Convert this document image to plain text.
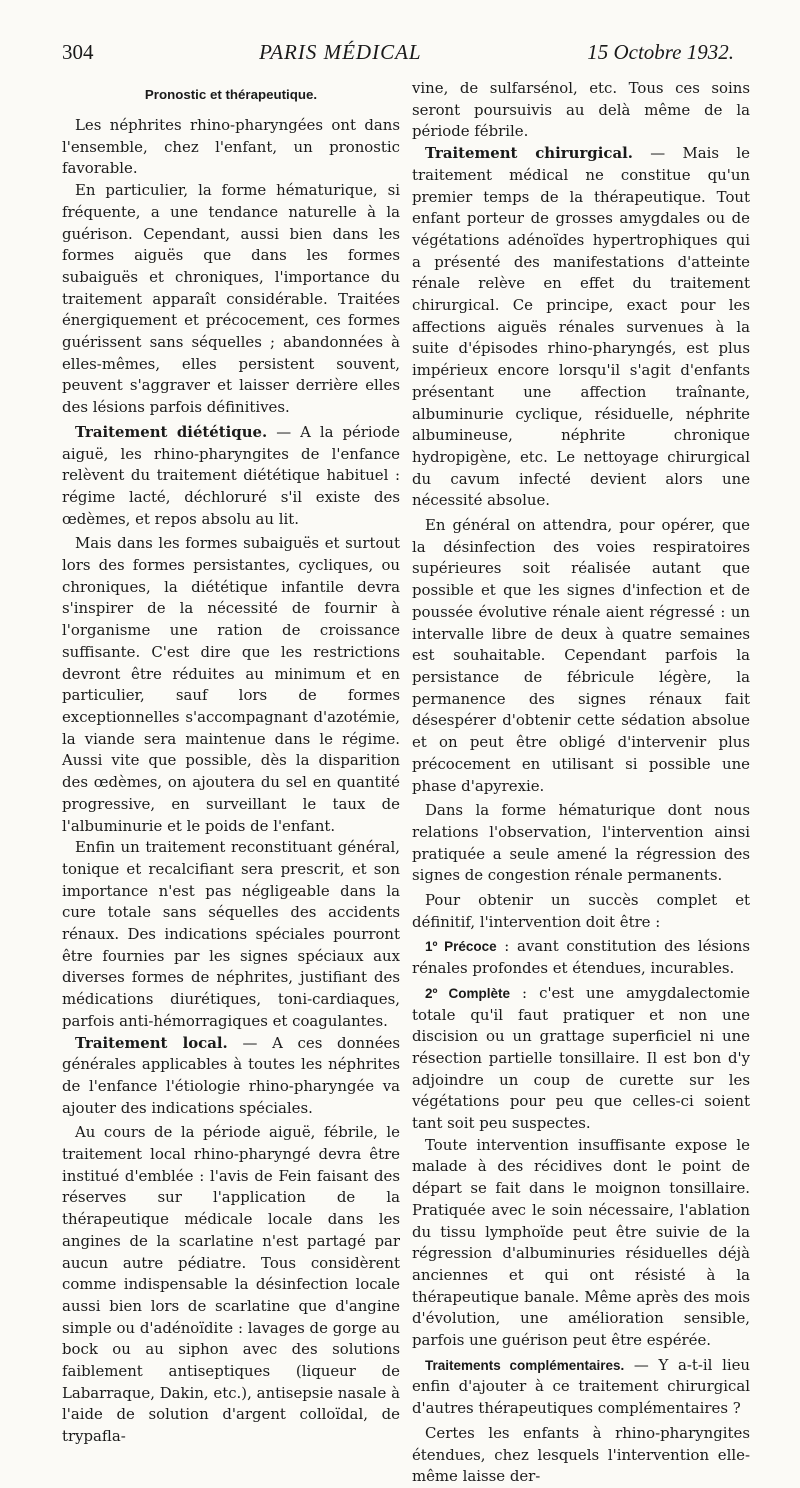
304	PARIS MÉDICAL	15 Octobre 1932.
Pronostic et thérapeutique.

Les néphrites rhino-pharyngées ont dans l'ensemble, chez l'enfant, un pronostic favorable.

En particulier, la forme hématurique, si fréquente, a une tendance naturelle à la guérison. Cependant, aussi bien dans les formes aiguës que dans les formes subaiguës et chroniques, l'importance du traitement apparaît considérable. Traitées énergiquement et précocement, ces formes guérissent sans séquelles ; abandonnées à elles-mêmes, elles persistent souvent, peuvent s'aggraver et laisser derrière elles des lésions parfois définitives.

Traitement diététique. — A la période aiguë, les rhino-pharyngites de l'enfance relèvent du traitement diététique habituel : régime lacté, déchloruré s'il existe des œdèmes, et repos absolu au lit.

Mais dans les formes subaiguës et surtout lors des formes persistantes, cycliques, ou chroniques, la diététique infantile devra s'inspirer de la nécessité de fournir à l'organisme une ration de croissance suffisante. C'est dire que les restrictions devront être réduites au minimum et en particulier, sauf lors de formes exceptionnelles s'accompagnant d'azotémie, la viande sera maintenue dans le régime. Aussi vite que possible, dès la disparition des œdèmes, on ajoutera du sel en quantité progressive, en surveillant le taux de l'albuminurie et le poids de l'enfant.

Enfin un traitement reconstituant général, tonique et recalcifiant sera prescrit, et son importance n'est pas négligeable dans la cure totale sans séquelles des accidents rénaux. Des indications spéciales pourront être fournies par les signes spéciaux aux diverses formes de néphrites, justifiant des médications diurétiques, toni-cardiaques, parfois anti-hémorragiques et coagulantes.

Traitement local. — A ces données générales applicables à toutes les néphrites de l'enfance l'étiologie rhino-pharyngée va ajouter des indications spéciales.

Au cours de la période aiguë, fébrile, le traitement local rhino-pharyngé devra être institué d'emblée : l'avis de Fein faisant des réserves sur l'application de la thérapeutique médicale locale dans les angines de la scarlatine n'est partagé par aucun autre pédiatre. Tous considèrent comme indispensable la désinfection locale aussi bien lors de scarlatine que d'angine simple ou d'adénoïdite : lavages de gorge au bock ou au siphon avec des solutions faiblement antiseptiques (liqueur de Labarraque, Dakin, etc.), antisepsie nasale à l'aide de solution d'argent colloïdal, de trypafla-

vine, de sulfarsénol, etc. Tous ces soins seront poursuivis au delà même de la période fébrile.

Traitement chirurgical. — Mais le traitement médical ne constitue qu'un premier temps de la thérapeutique. Tout enfant porteur de grosses amygdales ou de végétations adénoïdes hypertrophiques qui a présenté des manifestations d'atteinte rénale relève en effet du traitement chirurgical. Ce principe, exact pour les affections aiguës rénales survenues à la suite d'épisodes rhino-pharyngés, est plus impérieux encore lorsqu'il s'agit d'enfants présentant une affection traînante, albuminurie cyclique, résiduelle, néphrite albumineuse, néphrite chronique hydropigène, etc. Le nettoyage chirurgical du cavum infecté devient alors une nécessité absolue.

En général on attendra, pour opérer, que la désinfection des voies respiratoires supérieures soit réalisée autant que possible et que les signes d'infection et de poussée évolutive rénale aient régressé : un intervalle libre de deux à quatre semaines est souhaitable. Cependant parfois la persistance de fébricule légère, la permanence des signes rénaux fait désespérer d'obtenir cette sédation absolue et on peut être obligé d'intervenir plus précocement en utilisant si possible une phase d'apyrexie.

Dans la forme hématurique dont nous relations l'observation, l'intervention ainsi pratiquée a seule amené la régression des signes de congestion rénale permanents.

Pour obtenir un succès complet et définitif, l'intervention doit être :

1º Précoce : avant constitution des lésions rénales profondes et étendues, incurables.

2º Complète : c'est une amygdalectomie totale qu'il faut pratiquer et non une discision ou un grattage superficiel ni une résection partielle tonsillaire. Il est bon d'y adjoindre un coup de curette sur les végétations pour peu que celles-ci soient tant soit peu suspectes.

Toute intervention insuffisante expose le malade à des récidives dont le point de départ se fait dans le moignon tonsillaire. Pratiquée avec le soin nécessaire, l'ablation du tissu lymphoïde peut être suivie de la régression d'albuminuries résiduelles déjà anciennes et qui ont résisté à la thérapeutique banale. Même après des mois d'évolution, une amélioration sensible, parfois une guérison peut être espérée.

Traitements complémentaires. — Y a-t-il lieu enfin d'ajouter à ce traitement chirurgical d'autres thérapeutiques complémentaires ?

Certes les enfants à rhino-pharyngites étendues, chez lesquels l'intervention elle-même laisse der-
